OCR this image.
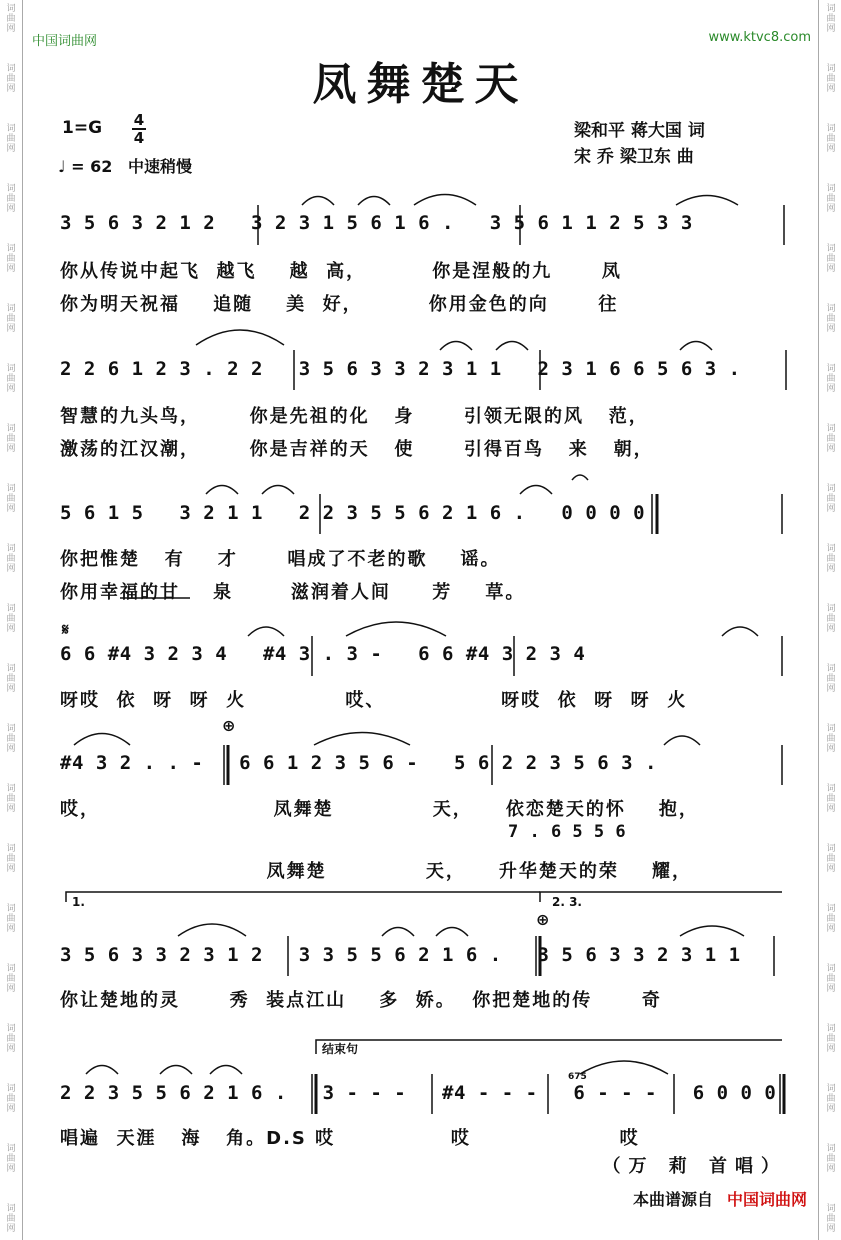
词曲网
词曲网
词曲网
词曲网
词曲网
词曲网
词曲网
词曲网
词曲网
词曲网
词曲网
词曲网
词曲网
词曲网
词曲网
词曲网
词曲网
词曲网
词曲网
词曲网
词曲网
词曲网
词曲网
词曲网
词曲网
词曲网
词曲网
词曲网
词曲网
词曲网
词曲网
词曲网
词曲网
词曲网
词曲网
词曲网
词曲网
词曲网
词曲网
词曲网
词曲网
词曲网
中国词曲网	www.ktvc8.com
凤舞楚天
1=G 4
4
♩ = 62 中速稍慢
梁和平 蒋大国 词
宋 乔 梁卫东 曲
3 5 6 3 2 1 2   3 2 3 1 5 6 1 6 .   3 5 6 1 1 2 5 3 3
你从传说中起飞  越飞    越  高，        你是涅般的九      凤
你为明天祝福    追随    美  好，        你用金色的向      往
2 2 6 1 2 3 . 2 2   3 5 6 3 3 2 3 1 1   2 3 1 6 6 5 6 3 .
智慧的九头鸟，      你是先祖的化   身      引领无限的风   范，
激荡的江汉潮，      你是吉祥的天   使      引得百鸟   来   朝，
5 6 1 5   3 2 1 1   2 2 3 5 5 6 2 1 6 .   0 0 0 0
你把惟楚   有    才      唱成了不老的歌    谣。
你用幸福的甘    泉       滋润着人间     芳    草。
𝄋
6 6 #4 3 2 3 4   #4 3 . 3 -   6 6 #4 3 2 3 4
呀哎  依  呀  呀  火            哎、              呀哎  依  呀  呀  火
⊕
#4 3 2 . . -   6 6 1 2 3 5 6 -   5 6 2 2 3 5 6 3 .
哎，                     凤舞楚            天，    依恋楚天的怀    抱，
7 . 6 5 5 6
凤舞楚            天，    升华楚天的荣    耀，
1.	2. 3.
⊕
3 5 6 3 3 2 3 1 2   3 3 5 5 6 2 1 6 .   3 5 6 3 3 2 3 1 1
你让楚地的灵      秀  装点江山    多  娇。  你把楚地的传      奇
结束句
675
2 2 3 5 5 6 2 1 6 .   3 - - -   #4 - - -   6 - - -   6 0 0 0
唱遍  天涯   海   角。D.S 哎              哎                  哎
（万 莉 首唱）
本曲谱源自 中国词曲网
